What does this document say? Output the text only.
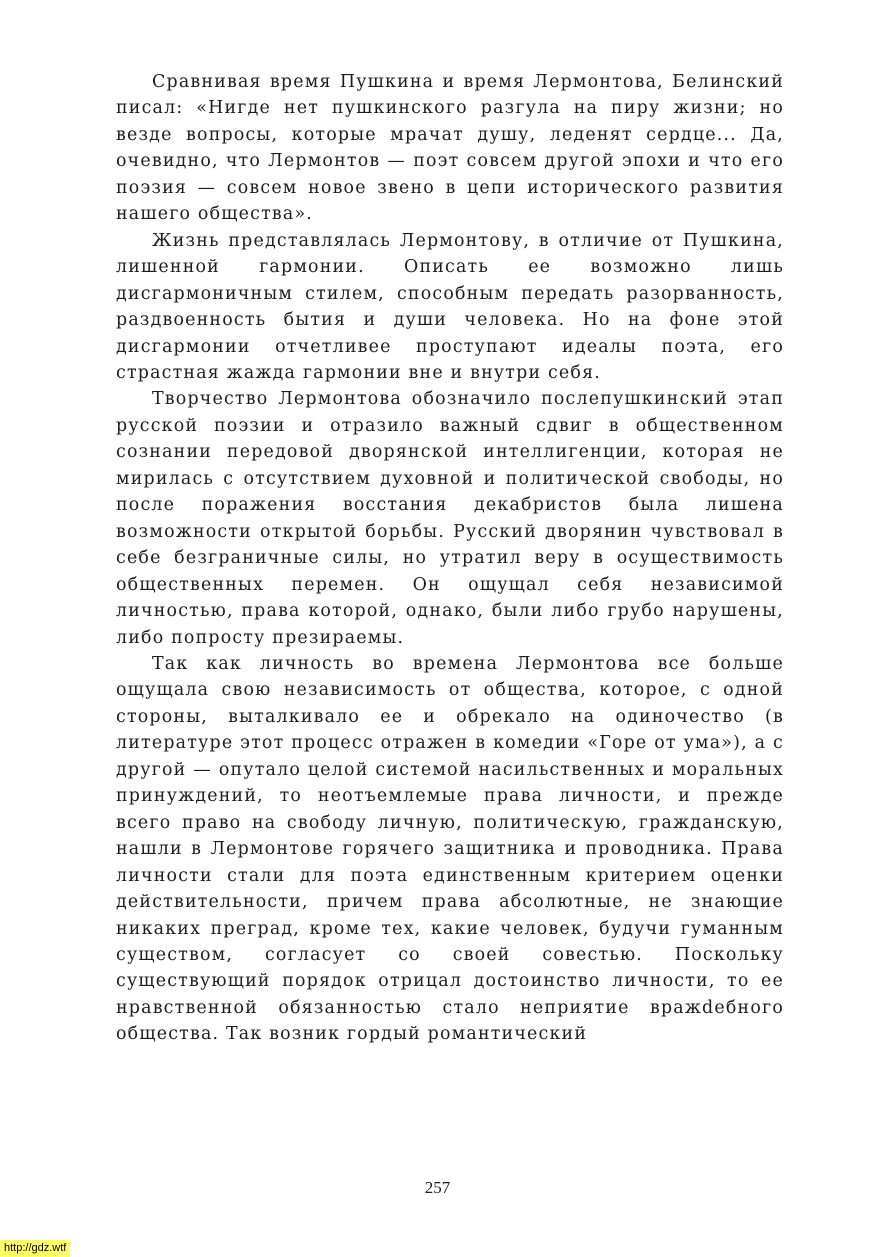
Сравнивая время Пушкина и время Лермонтова, Белинский писал: «Нигде нет пушкинского разгула на пиру жизни; но везде вопросы, которые мрачат душу, леденят сердце... Да, очевидно, что Лермонтов — поэт совсем другой эпохи и что его поэзия — совсем новое звено в цепи исторического развития нашего общества».

Жизнь представлялась Лермонтову, в отличие от Пушкина, лишенной гармонии. Описать ее возможно лишь дисгармоничным стилем, способным передать разорванность, раздвоенность бытия и души человека. Но на фоне этой дисгармонии отчетливее проступают идеалы поэта, его страстная жажда гармонии вне и внутри себя.

Творчество Лермонтова обозначило послепушкинский этап русской поэзии и отразило важный сдвиг в общественном сознании передовой дворянской интеллигенции, которая не мирилась с отсутствием духовной и политической свободы, но после поражения восстания декабристов была лишена возможности открытой борьбы. Русский дворянин чувствовал в себе безграничные силы, но утратил веру в осуществимость общественных перемен. Он ощущал себя независимой личностью, права которой, однако, были либо грубо нарушены, либо попросту презираемы.

Так как личность во времена Лермонтова все больше ощущала свою независимость от общества, которое, с одной стороны, выталкивало ее и обрекало на одиночество (в литературе этот процесс отражен в комедии «Горе от ума»), а с другой — опутало целой системой насильственных и моральных принуждений, то неотъемлемые права личности, и прежде всего право на свободу личную, политическую, гражданскую, нашли в Лермонтове горячего защитника и проводника. Права личности стали для поэта единственным критерием оценки действительности, причем права абсолютные, не знающие никаких преград, кроме тех, какие человек, будучи гуманным существом, согласует со своей совестью. Поскольку существующий порядок отрицал достоинство личности, то ее нравственной обязанностью стало неприятие вражdебного общества. Так возник гордый романтический

257
http://gdz.wtf
